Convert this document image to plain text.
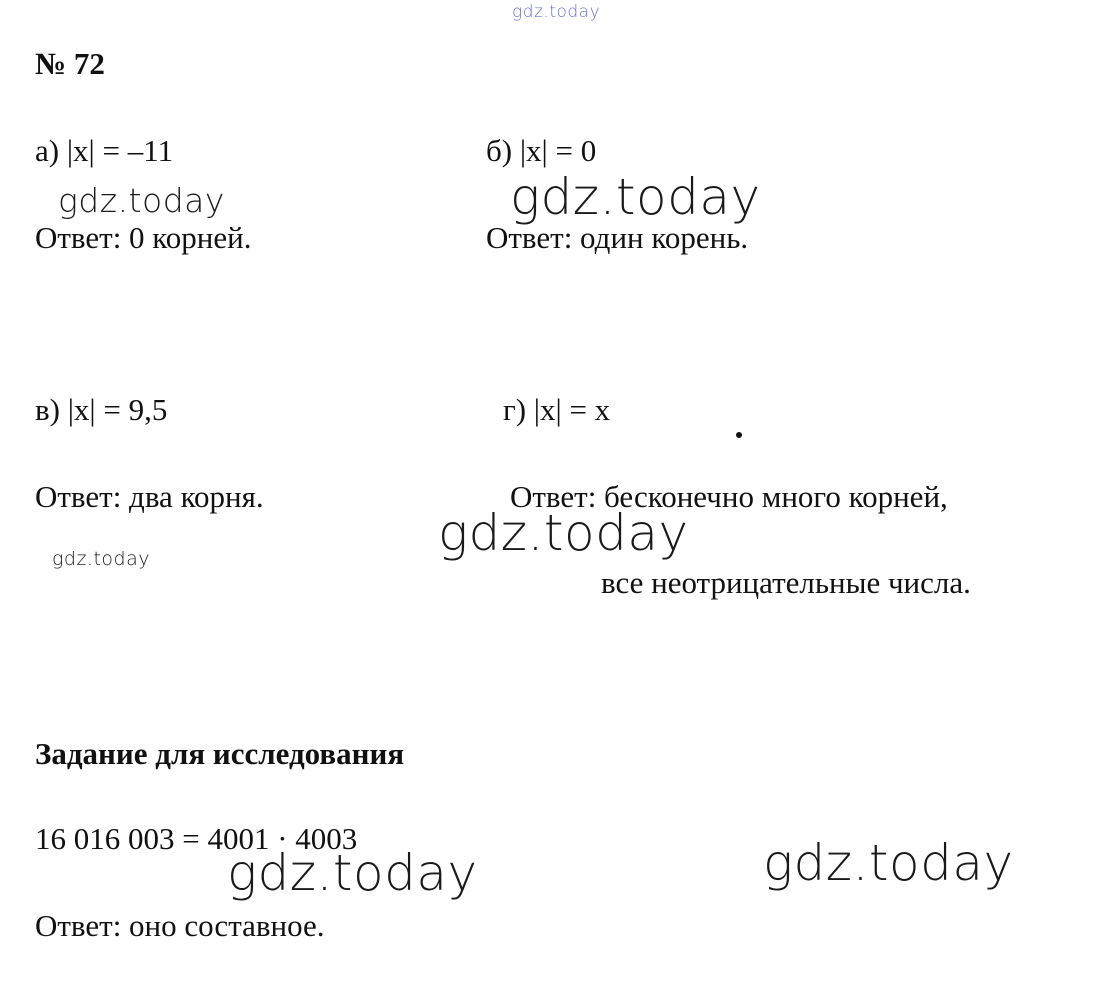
gdz.today
№ 72
а) |x| = –11
gdz.today
Ответ: 0 корней.
б) |x| = 0
gdz.today
Ответ: один корень.
в) |x| = 9,5
Ответ: два корня.
gdz.today
г) |x| = x
Ответ: бесконечно много корней,
gdz.today
все неотрицательные числа.
Задание для исследования
16 016 003 = 4001 · 4003
gdz.today	gdz.today
Ответ: оно составное.
